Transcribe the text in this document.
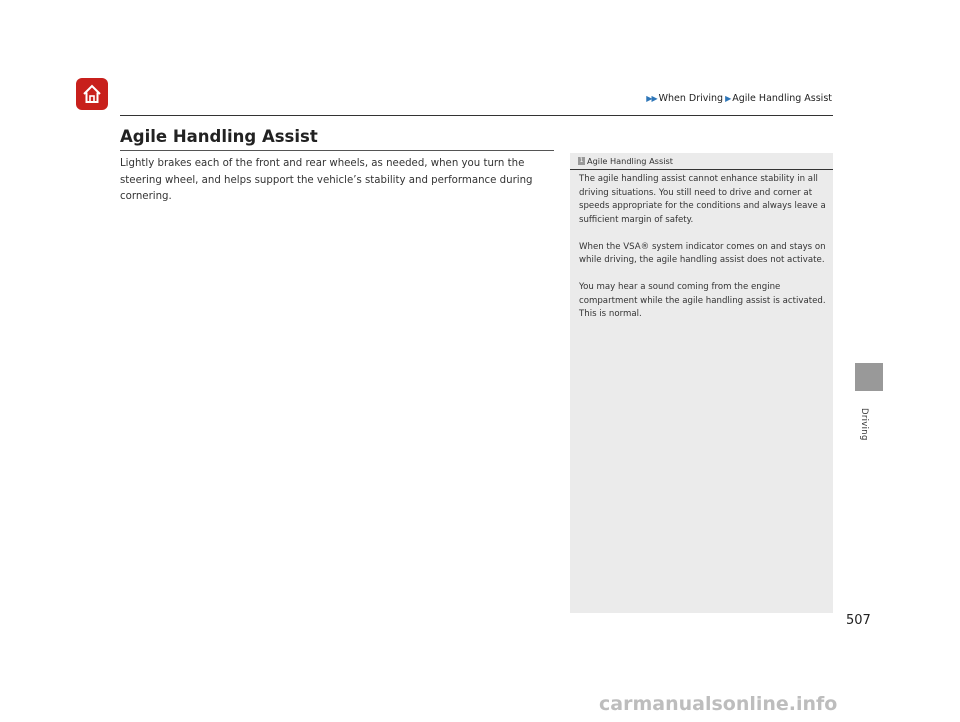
▶▶ When Driving ▶ Agile Handling Assist
Agile Handling Assist
Lightly brakes each of the front and rear wheels, as needed, when you turn the steering wheel, and helps support the vehicle’s stability and performance during cornering.
1 Agile Handling Assist

The agile handling assist cannot enhance stability in all driving situations. You still need to drive and corner at speeds appropriate for the conditions and always leave a sufficient margin of safety.

When the VSA® system indicator comes on and stays on while driving, the agile handling assist does not activate.

You may hear a sound coming from the engine compartment while the agile handling assist is activated. This is normal.

Driving
507
carmanualsonline.info
